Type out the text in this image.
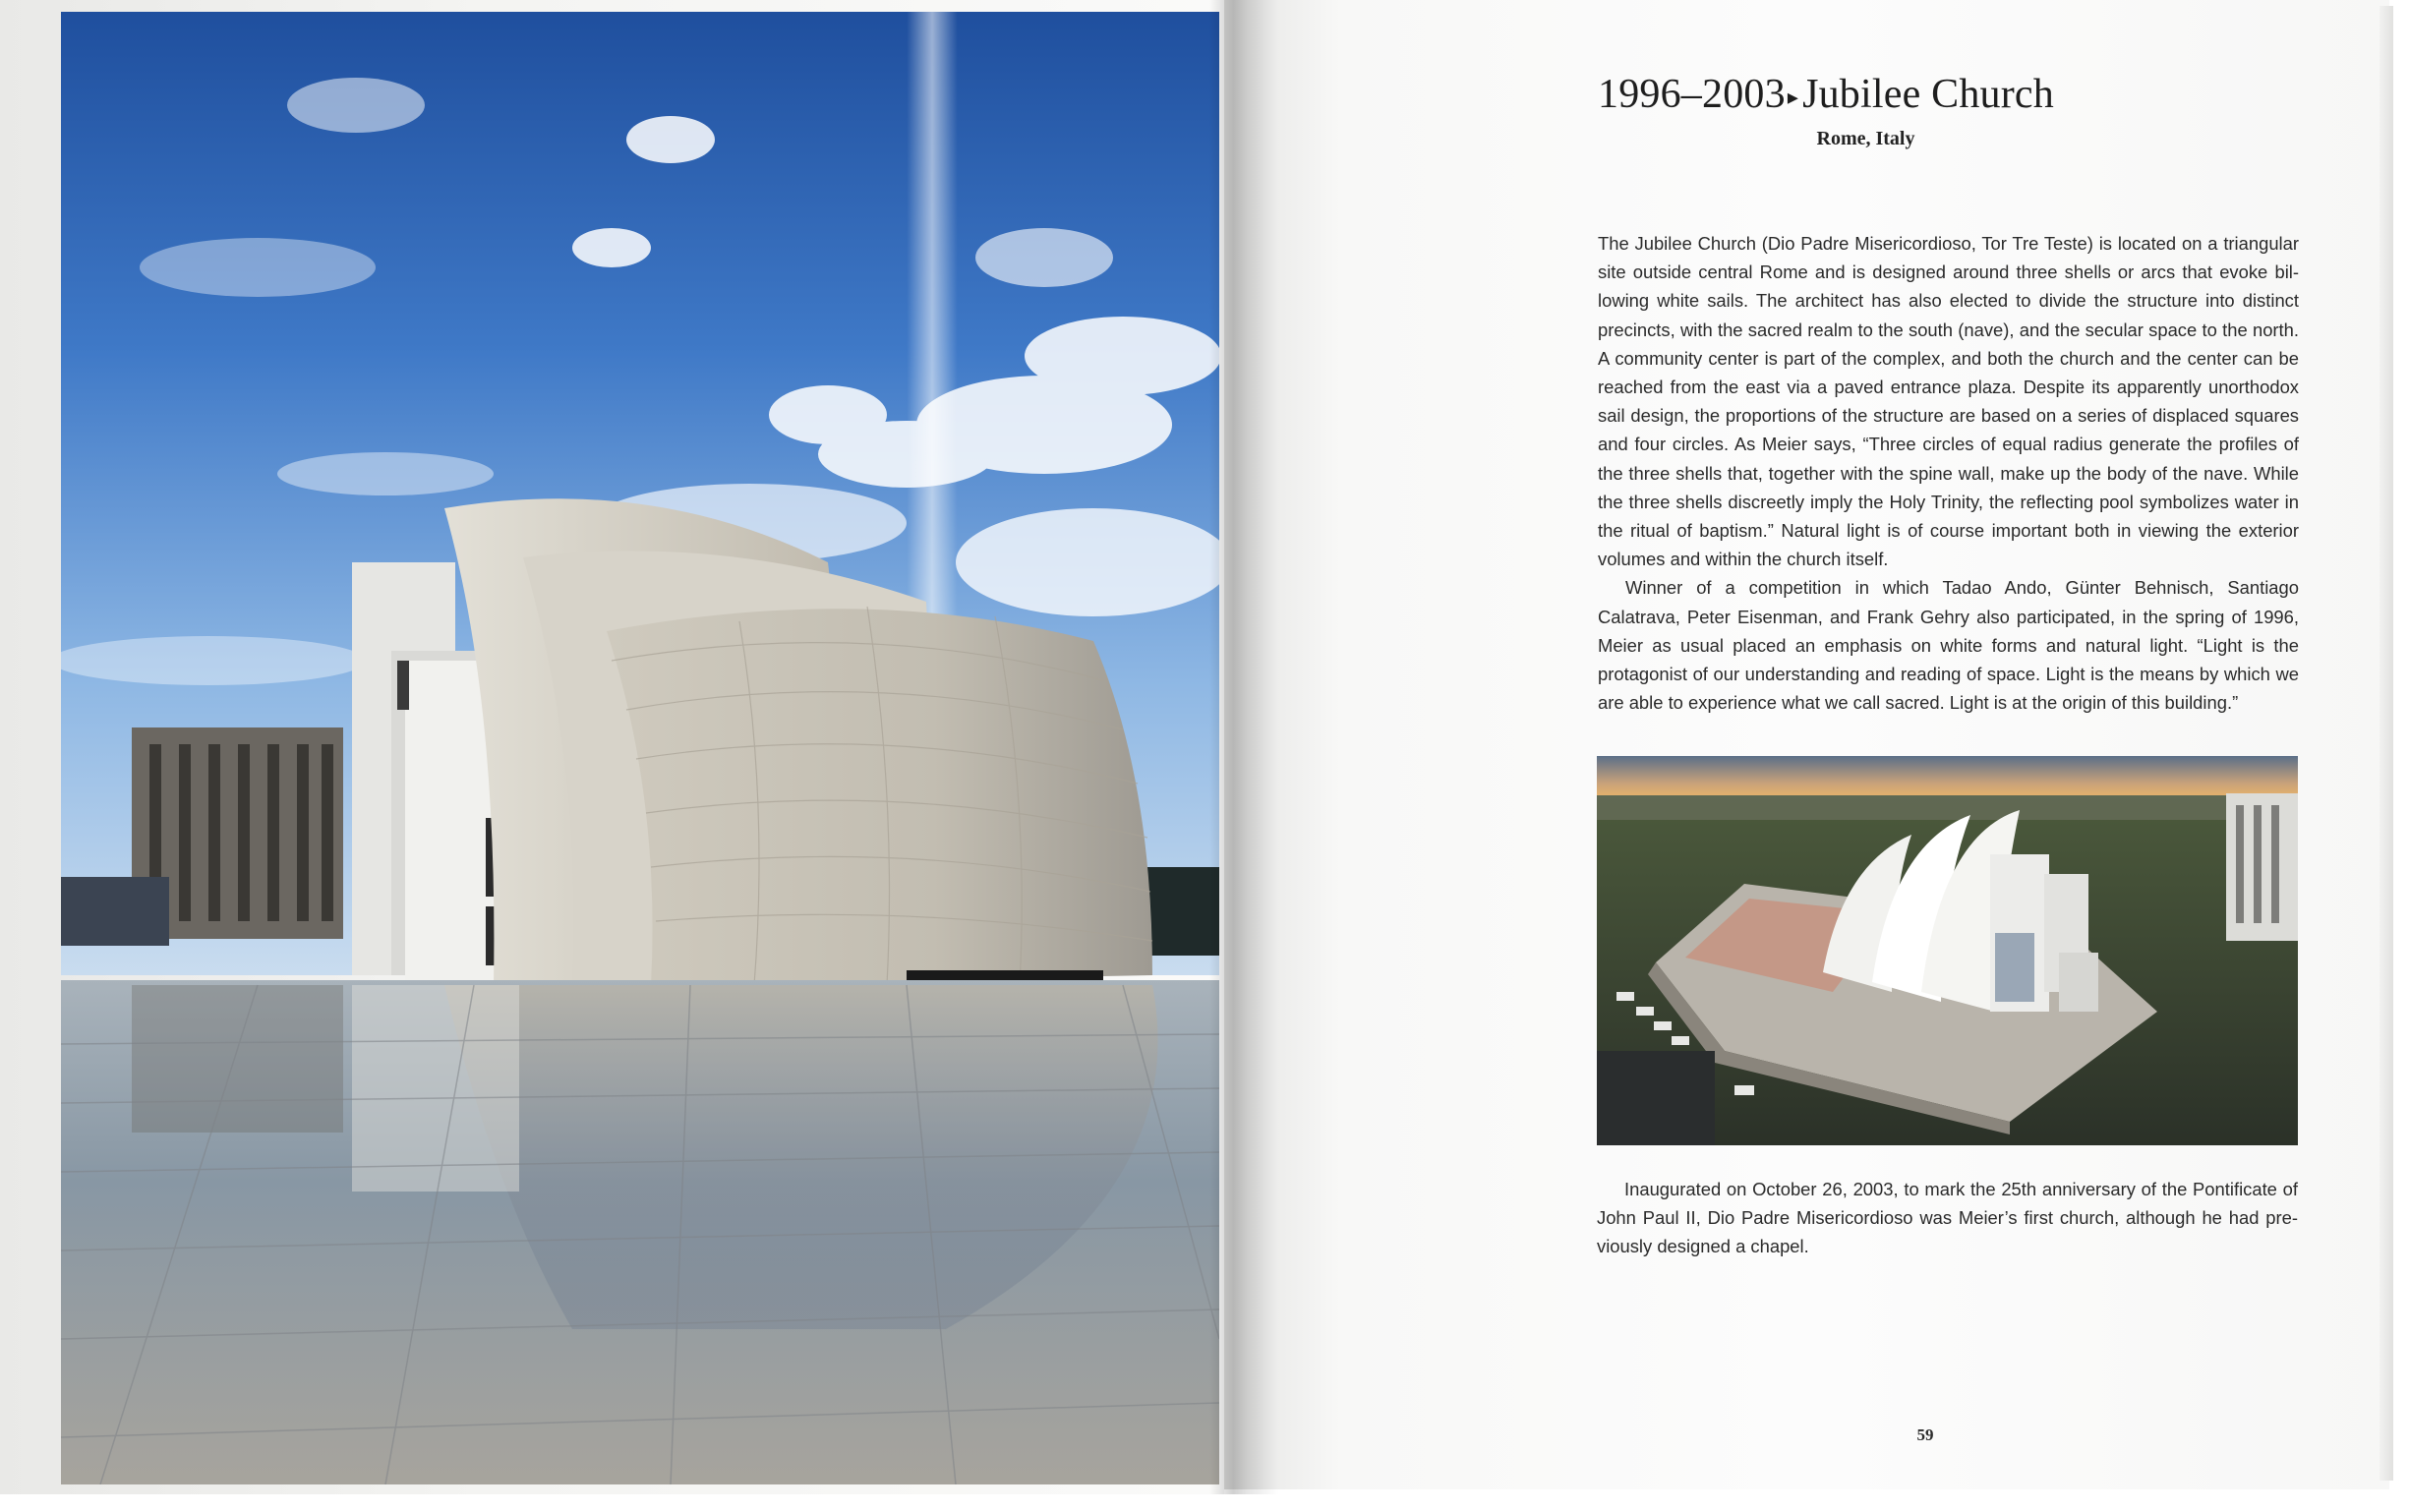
1996–2003▸Jubilee Church
Rome, Italy

The Jubilee Church (Dio Padre Misericordioso, Tor Tre Teste) is located on a triangular site outside central Rome and is designed around three shells or arcs that evoke billowing white sails. The architect has also elected to divide the structure into distinct precincts, with the sacred realm to the south (nave), and the secular space to the north. A community center is part of the complex, and both the church and the center can be reached from the east via a paved entrance plaza. Despite its apparently unorthodox sail design, the proportions of the structure are based on a series of displaced squares and four circles. As Meier says, “Three circles of equal radius generate the profiles of the three shells that, together with the spine wall, make up the body of the nave. While the three shells discreetly imply the Holy Trinity, the reflecting pool symbolizes water in the ritual of baptism.” Natural light is of course important both in viewing the exterior volumes and within the church itself.

Winner of a competition in which Tadao Ando, Günter Behnisch, Santiago Calatrava, Peter Eisenman, and Frank Gehry also participated, in the spring of 1996, Meier as usual placed an emphasis on white forms and natural light. “Light is the protagonist of our understanding and reading of space. Light is the means by which we are able to experience what we call sacred. Light is at the origin of this building.”

Inaugurated on October 26, 2003, to mark the 25th anniversary of the Pontificate of John Paul II, Dio Padre Misericordioso was Meier’s first church, although he had previously designed a chapel.

59
